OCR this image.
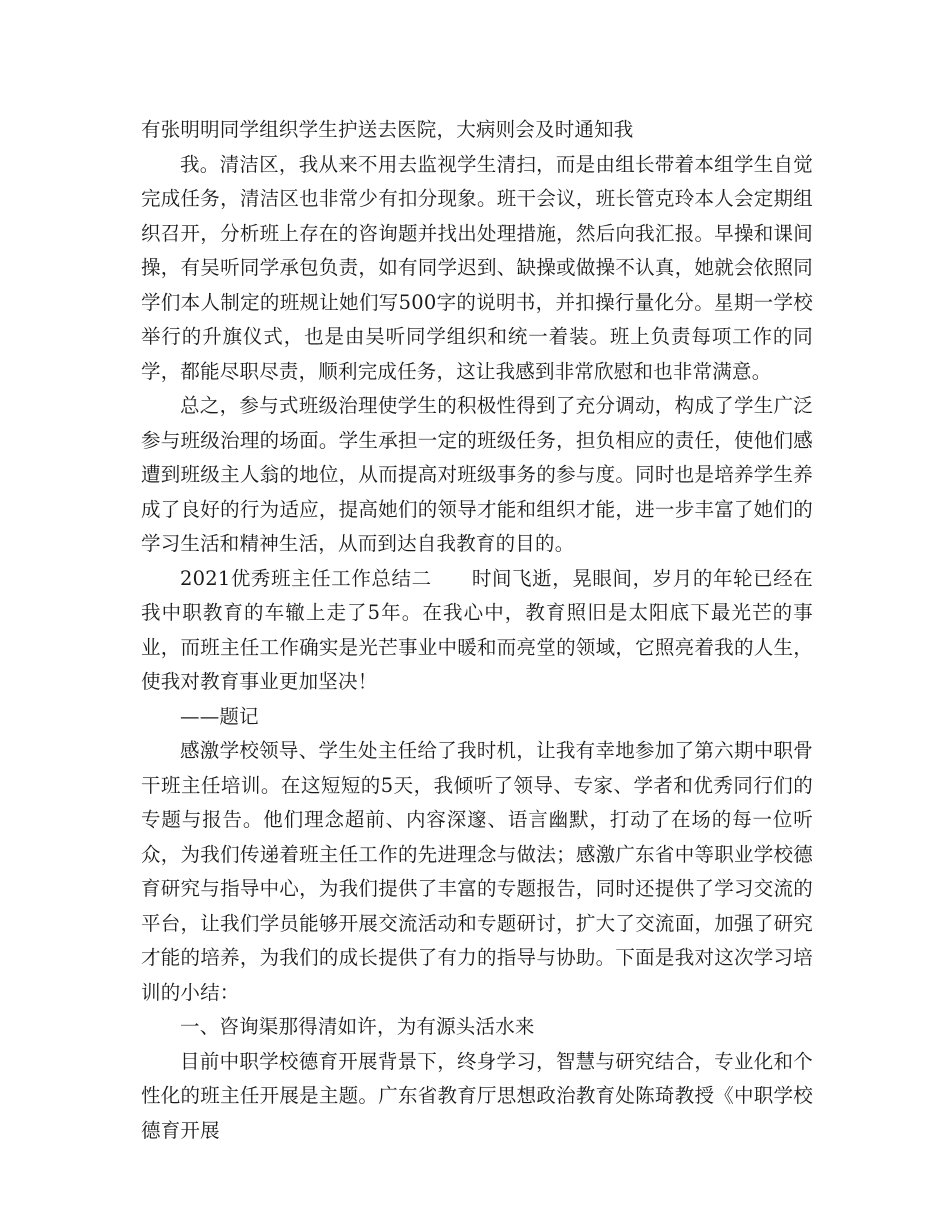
有张明明同学组织学生护送去医院，大病则会及时通知我

我。清洁区，我从来不用去监视学生清扫，而是由组长带着本组学生自觉完成任务，清洁区也非常少有扣分现象。班干会议，班长管克玲本人会定期组织召开，分析班上存在的咨询题并找出处理措施，然后向我汇报。早操和课间操，有吴听同学承包负责，如有同学迟到、缺操或做操不认真，她就会依照同学们本人制定的班规让她们写500字的说明书，并扣操行量化分。星期一学校举行的升旗仪式，也是由吴听同学组织和统一着装。班上负责每项工作的同学，都能尽职尽责，顺利完成任务，这让我感到非常欣慰和也非常满意。

总之，参与式班级治理使学生的积极性得到了充分调动，构成了学生广泛参与班级治理的场面。学生承担一定的班级任务，担负相应的责任，使他们感遭到班级主人翁的地位，从而提高对班级事务的参与度。同时也是培养学生养成了良好的行为适应，提高她们的领导才能和组织才能，进一步丰富了她们的学习生活和精神生活，从而到达自我教育的目的。

2021优秀班主任工作总结二　　时间飞逝，晃眼间，岁月的年轮已经在我中职教育的车辙上走了5年。在我心中，教育照旧是太阳底下最光芒的事业，而班主任工作确实是光芒事业中暖和而亮堂的领域，它照亮着我的人生，使我对教育事业更加坚决！

——题记

感激学校领导、学生处主任给了我时机，让我有幸地参加了第六期中职骨干班主任培训。在这短短的5天，我倾听了领导、专家、学者和优秀同行们的专题与报告。他们理念超前、内容深邃、语言幽默，打动了在场的每一位听众，为我们传递着班主任工作的先进理念与做法；感激广东省中等职业学校德育研究与指导中心，为我们提供了丰富的专题报告，同时还提供了学习交流的平台，让我们学员能够开展交流活动和专题研讨，扩大了交流面，加强了研究才能的培养，为我们的成长提供了有力的指导与协助。下面是我对这次学习培训的小结：

一、咨询渠那得清如许，为有源头活水来

目前中职学校德育开展背景下，终身学习，智慧与研究结合，专业化和个性化的班主任开展是主题。广东省教育厅思想政治教育处陈琦教授《中职学校德育开展
